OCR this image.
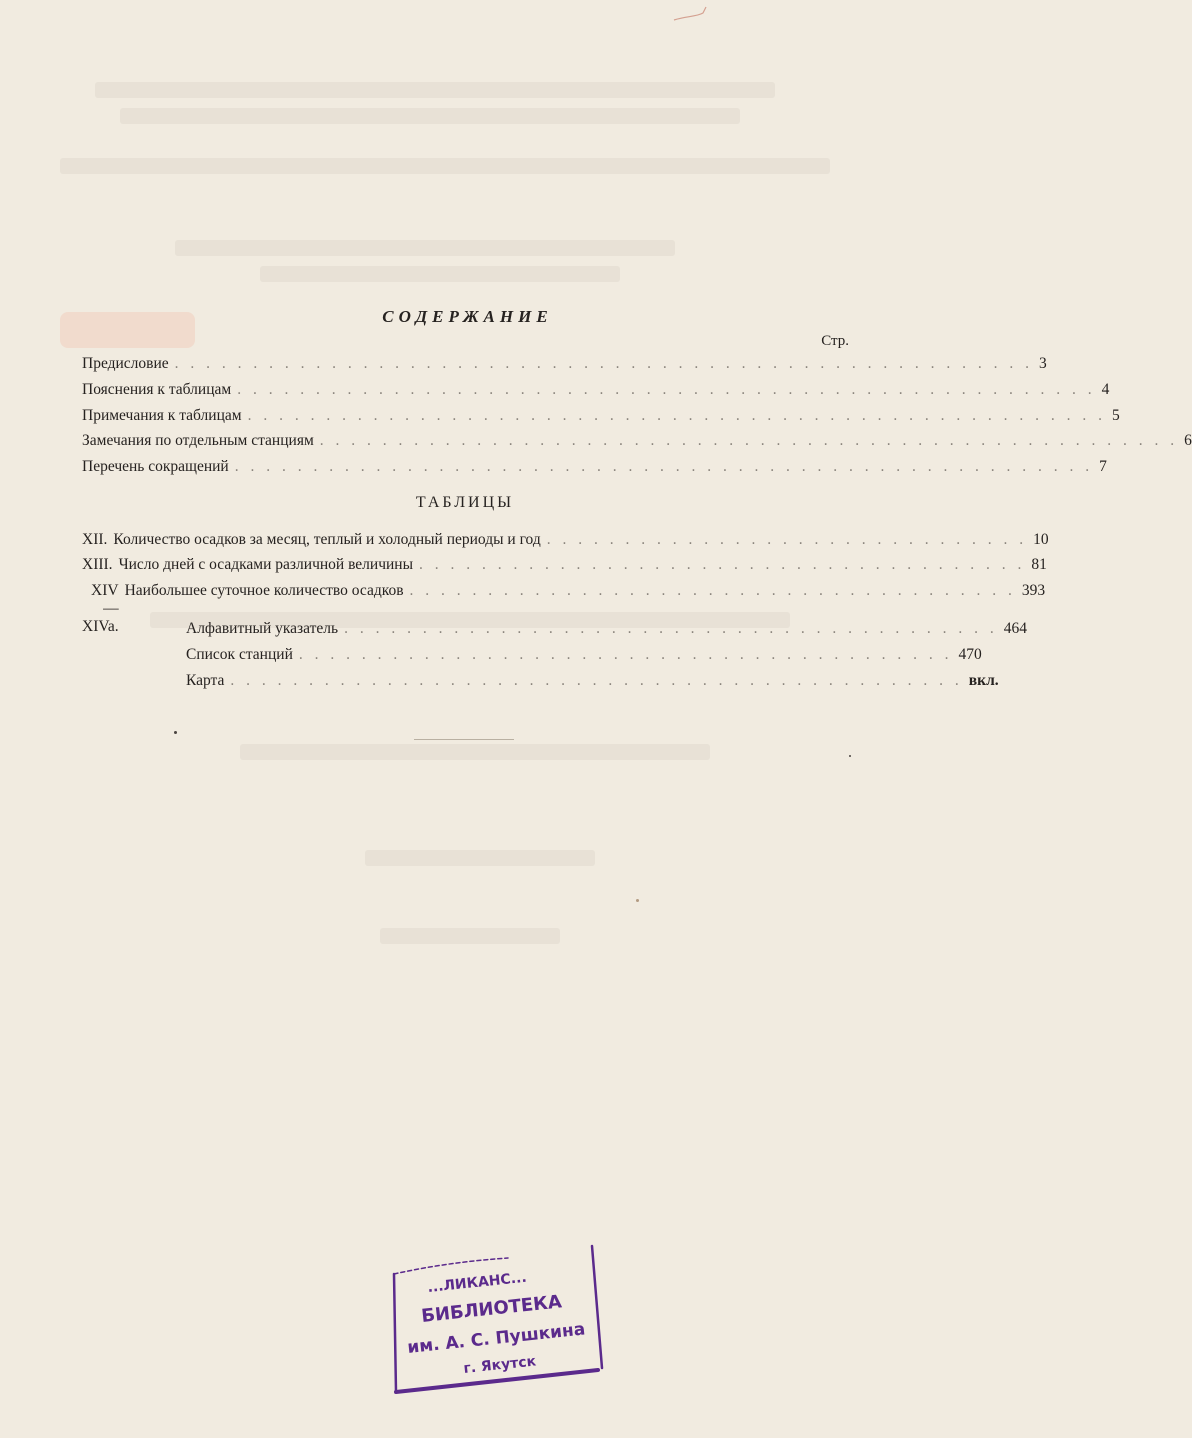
СОДЕРЖАНИЕ
Стр.
Предисловие . . . . . . . . . . . . . . . . . . . . . . . . . . . . . . . . . . . . . . . . . . . . . . . . . . . . . . . 3
Пояснения к таблицам . . . . . . . . . . . . . . . . . . . . . . . . . . . . . . . . . . . . . . . . . . . . . . . . . . . . . . . 4
Примечания к таблицам . . . . . . . . . . . . . . . . . . . . . . . . . . . . . . . . . . . . . . . . . . . . . . . . . . . . . . . 5
Замечания по отдельным станциям . . . . . . . . . . . . . . . . . . . . . . . . . . . . . . . . . . . . . . . . . . . . . . . . . . . . . . . 6
Перечень сокращений . . . . . . . . . . . . . . . . . . . . . . . . . . . . . . . . . . . . . . . . . . . . . . . . . . . . . . . 7
ТАБЛИЦЫ
XII. Количество осадков за месяц, теплый и холодный периоды и год . . . . . . . . . . . . . . . . . . . . . . . . . . . . . . . 10
XIII. Число дней с осадками различной величины . . . . . . . . . . . . . . . . . . . . . . . . . . . . . . . . . . . . . . . 81
XIV—XIVa.
Наибольшее суточное количество осадков . . . . . . . . . . . . . . . . . . . . . . . . . . . . . . . . . . . . . . . 393
Алфавитный указатель . . . . . . . . . . . . . . . . . . . . . . . . . . . . . . . . . . . . . . . . . . 464
Список станций . . . . . . . . . . . . . . . . . . . . . . . . . . . . . . . . . . . . . . . . . . 470
Карта . . . . . . . . . . . . . . . . . . . . . . . . . . . . . . . . . . . . . . . . . . . . . . . вкл.
...ЛИКАНС...
БИБЛИОТЕКА
им. А. С. Пушкина
г. Якутск
